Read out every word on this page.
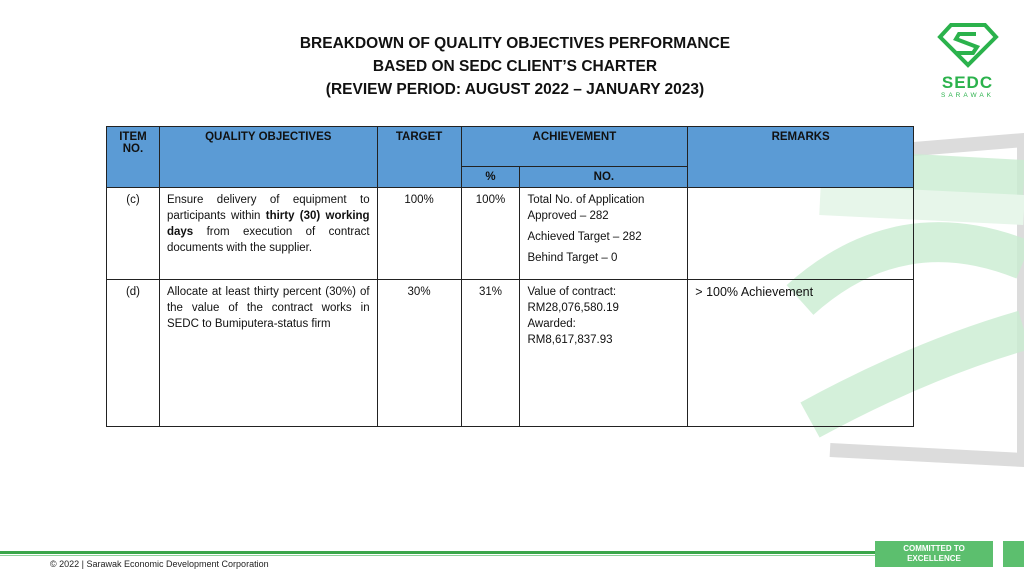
BREAKDOWN OF QUALITY OBJECTIVES PERFORMANCE
BASED ON SEDC CLIENT’S CHARTER
(REVIEW PERIOD: AUGUST 2022 – JANUARY 2023)	SEDC
SARAWAK
ITEM
NO.	QUALITY OBJECTIVES	TARGET	ACHIEVEMENT		REMARKS
			%	NO.	
(c)	Ensure delivery of equipment to participants within thirty (30) working days from execution of contract documents with the supplier.	100%	100%	Total No. of Application Approved – 282

Achieved Target – 282

Behind Target – 0	

(d)	Allocate at least thirty percent (30%) of the value of the contract works in SEDC to Bumiputera-status firm	30%	31%	Value of contract:
RM28,076,580.19
Awarded:
RM8,617,837.93	> 100% Achievement
© 2022 | Sarawak Economic Development Corporation
COMMITTED TO
EXCELLENCE
